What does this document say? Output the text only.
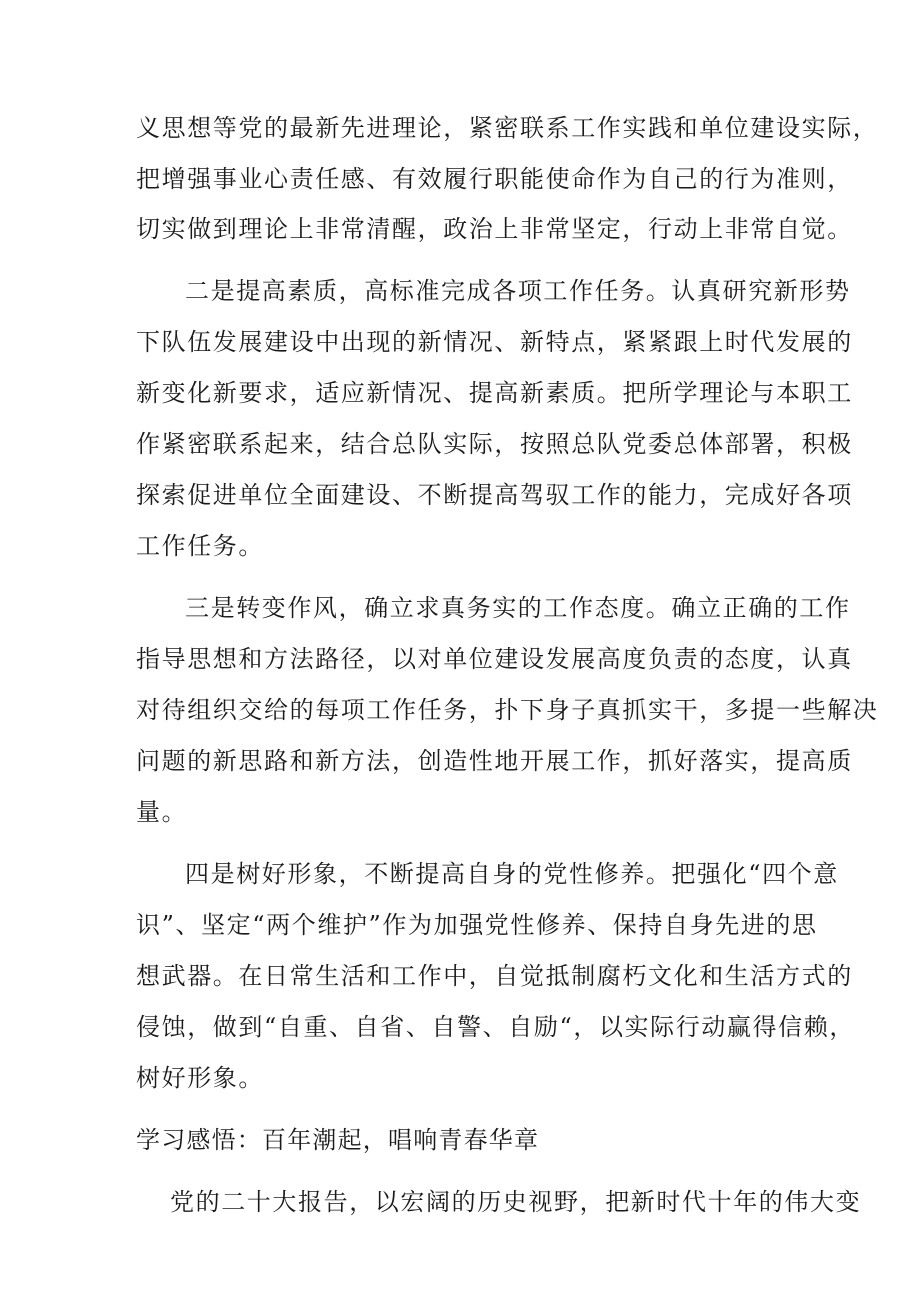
义思想等党的最新先进理论，紧密联系工作实践和单位建设实际，
把增强事业心责任感、有效履行职能使命作为自己的行为准则，
切实做到理论上非常清醒，政治上非常坚定，行动上非常自觉。
二是提高素质，高标准完成各项工作任务。认真研究新形势
下队伍发展建设中出现的新情况、新特点，紧紧跟上时代发展的
新变化新要求，适应新情况、提高新素质。把所学理论与本职工
作紧密联系起来，结合总队实际，按照总队党委总体部署，积极
探索促进单位全面建设、不断提高驾驭工作的能力，完成好各项
工作任务。
三是转变作风，确立求真务实的工作态度。确立正确的工作
指导思想和方法路径，以对单位建设发展高度负责的态度，认真
对待组织交给的每项工作任务，扑下身子真抓实干，多提一些解决
问题的新思路和新方法，创造性地开展工作，抓好落实，提高质
量。
四是树好形象，不断提高自身的党性修养。把强化“四个意
识”、坚定“两个维护”作为加强党性修养、保持自身先进的思
想武器。在日常生活和工作中，自觉抵制腐朽文化和生活方式的
侵蚀，做到“自重、自省、自警、自励“，以实际行动赢得信赖，
树好形象。
学习感悟：百年潮起，唱响青春华章
党的二十大报告，以宏阔的历史视野，把新时代十年的伟大变
